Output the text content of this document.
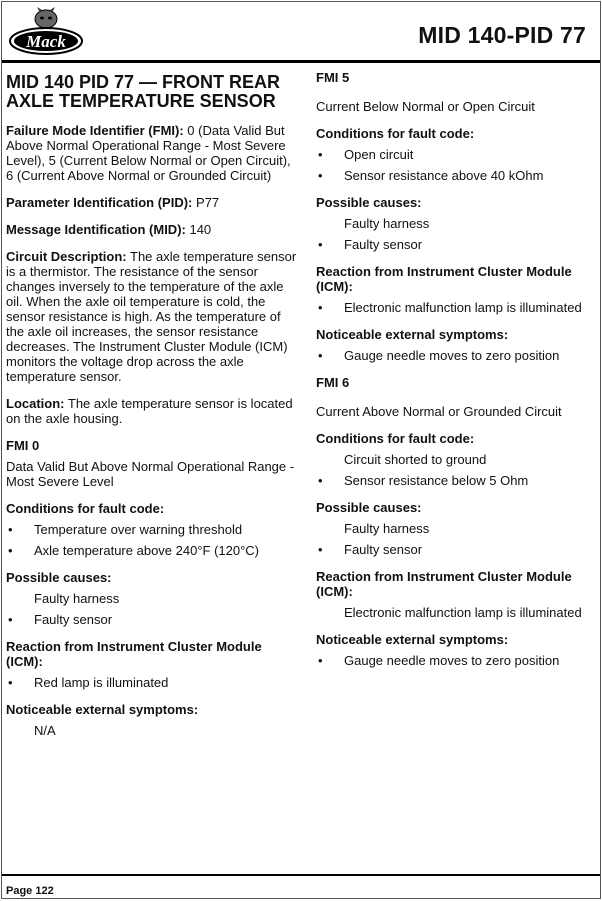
Mack	MID 140-PID 77
MID 140 PID 77 — FRONT REAR AXLE TEMPERATURE SENSOR

Failure Mode Identifier (FMI): 0 (Data Valid But Above Normal Operational Range - Most Severe Level), 5 (Current Below Normal or Open Circuit), 6 (Current Above Normal or Grounded Circuit)

Parameter Identification (PID): P77

Message Identification (MID): 140

Circuit Description: The axle temperature sensor is a thermistor. The resistance of the sensor changes inversely to the temperature of the axle oil. When the axle oil temperature is cold, the sensor resistance is high. As the temperature of the axle oil increases, the sensor resistance decreases. The Instrument Cluster Module (ICM) monitors the voltage drop across the axle temperature sensor.

Location: The axle temperature sensor is located on the axle housing.

FMI 0

Data Valid But Above Normal Operational Range - Most Severe Level

Conditions for fault code:
• Temperature over warning threshold
• Axle temperature above 240°F (120°C)
Possible causes:
Faulty harness
• Faulty sensor
Reaction from Instrument Cluster Module (ICM):
• Red lamp is illuminated
Noticeable external symptoms:
N/A
FMI 5

Current Below Normal or Open Circuit

Conditions for fault code:
• Open circuit
• Sensor resistance above 40 kOhm
Possible causes:
Faulty harness
• Faulty sensor
Reaction from Instrument Cluster Module (ICM):
• Electronic malfunction lamp is illuminated
Noticeable external symptoms:
• Gauge needle moves to zero position
FMI 6

Current Above Normal or Grounded Circuit

Conditions for fault code:
Circuit shorted to ground
• Sensor resistance below 5 Ohm
Possible causes:
Faulty harness
• Faulty sensor
Reaction from Instrument Cluster Module (ICM):
Electronic malfunction lamp is illuminated
Noticeable external symptoms:
• Gauge needle moves to zero position
Page 122
